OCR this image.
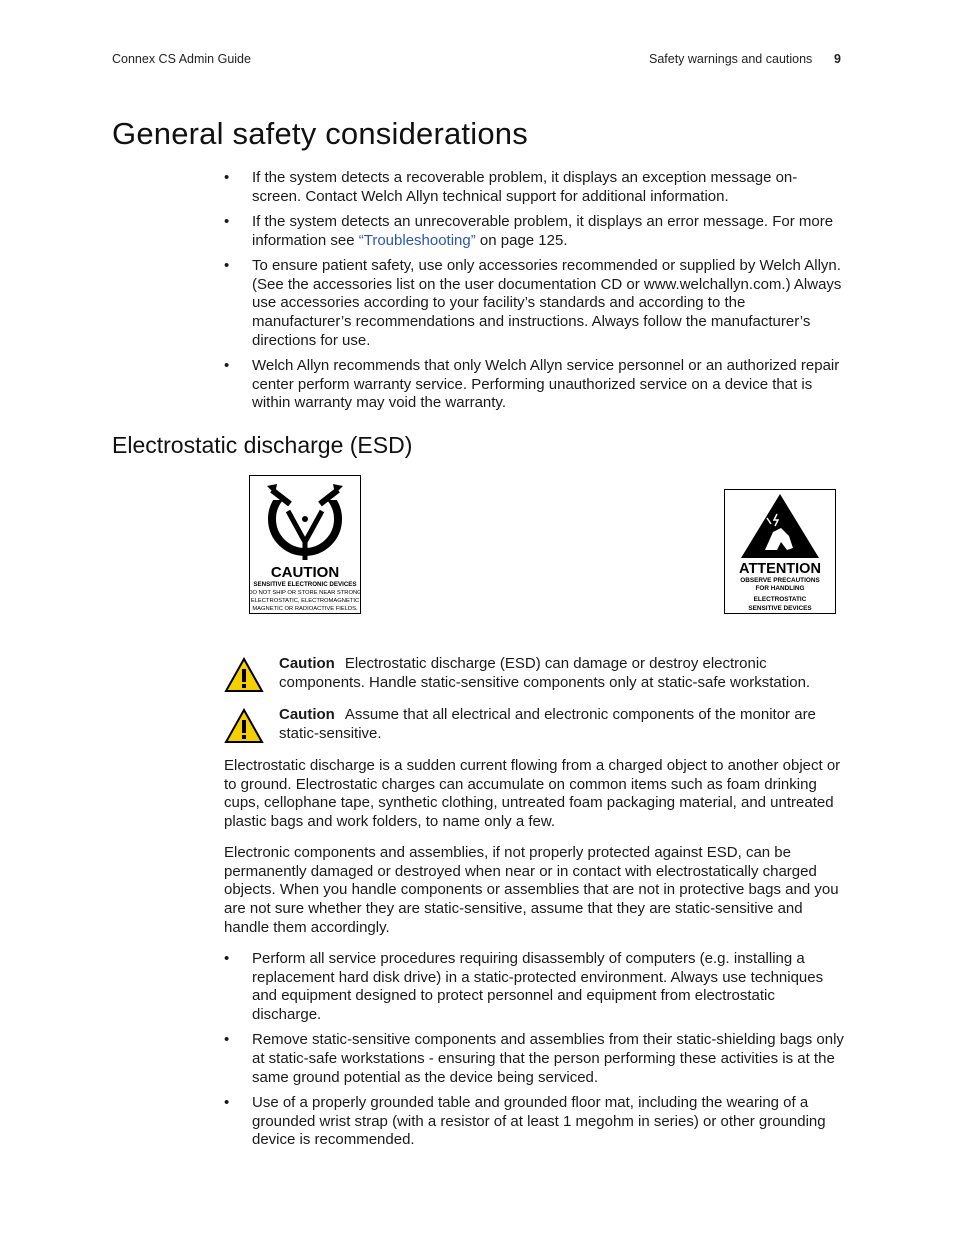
Connex CS Admin Guide	Safety warnings and cautions 9
General safety considerations
• If the system detects a recoverable problem, it displays an exception message on-screen. Contact Welch Allyn technical support for additional information.
• If the system detects an unrecoverable problem, it displays an error message. For more information see “Troubleshooting” on page 125.
• To ensure patient safety, use only accessories recommended or supplied by Welch Allyn. (See the accessories list on the user documentation CD or www.welchallyn.com.) Always use accessories according to your facility’s standards and according to the manufacturer’s recommendations and instructions. Always follow the manufacturer’s directions for use.
• Welch Allyn recommends that only Welch Allyn service personnel or an authorized repair center perform warranty service. Performing unauthorized service on a device that is within warranty may void the warranty.
Electrostatic discharge (ESD)
CAUTION
SENSITIVE ELECTRONIC DEVICES
DO NOT SHIP OR STORE NEAR STRONG
ELECTROSTATIC, ELECTROMAGNETIC
MAGNETIC OR RADIOACTIVE FIELDS.
ATTENTION
OBSERVE PRECAUTIONS
FOR HANDLING
ELECTROSTATIC
SENSITIVE DEVICES
Caution Electrostatic discharge (ESD) can damage or destroy electronic components. Handle static-sensitive components only at static-safe workstation.
Caution Assume that all electrical and electronic components of the monitor are static-sensitive.

Electrostatic discharge is a sudden current flowing from a charged object to another object or to ground. Electrostatic charges can accumulate on common items such as foam drinking cups, cellophane tape, synthetic clothing, untreated foam packaging material, and untreated plastic bags and work folders, to name only a few.

Electronic components and assemblies, if not properly protected against ESD, can be permanently damaged or destroyed when near or in contact with electrostatically charged objects. When you handle components or assemblies that are not in protective bags and you are not sure whether they are static-sensitive, assume that they are static-sensitive and handle them accordingly.

• Perform all service procedures requiring disassembly of computers (e.g. installing a replacement hard disk drive) in a static-protected environment. Always use techniques and equipment designed to protect personnel and equipment from electrostatic discharge.
• Remove static-sensitive components and assemblies from their static-shielding bags only at static-safe workstations - ensuring that the person performing these activities is at the same ground potential as the device being serviced.
• Use of a properly grounded table and grounded floor mat, including the wearing of a grounded wrist strap (with a resistor of at least 1 megohm in series) or other grounding device is recommended.
